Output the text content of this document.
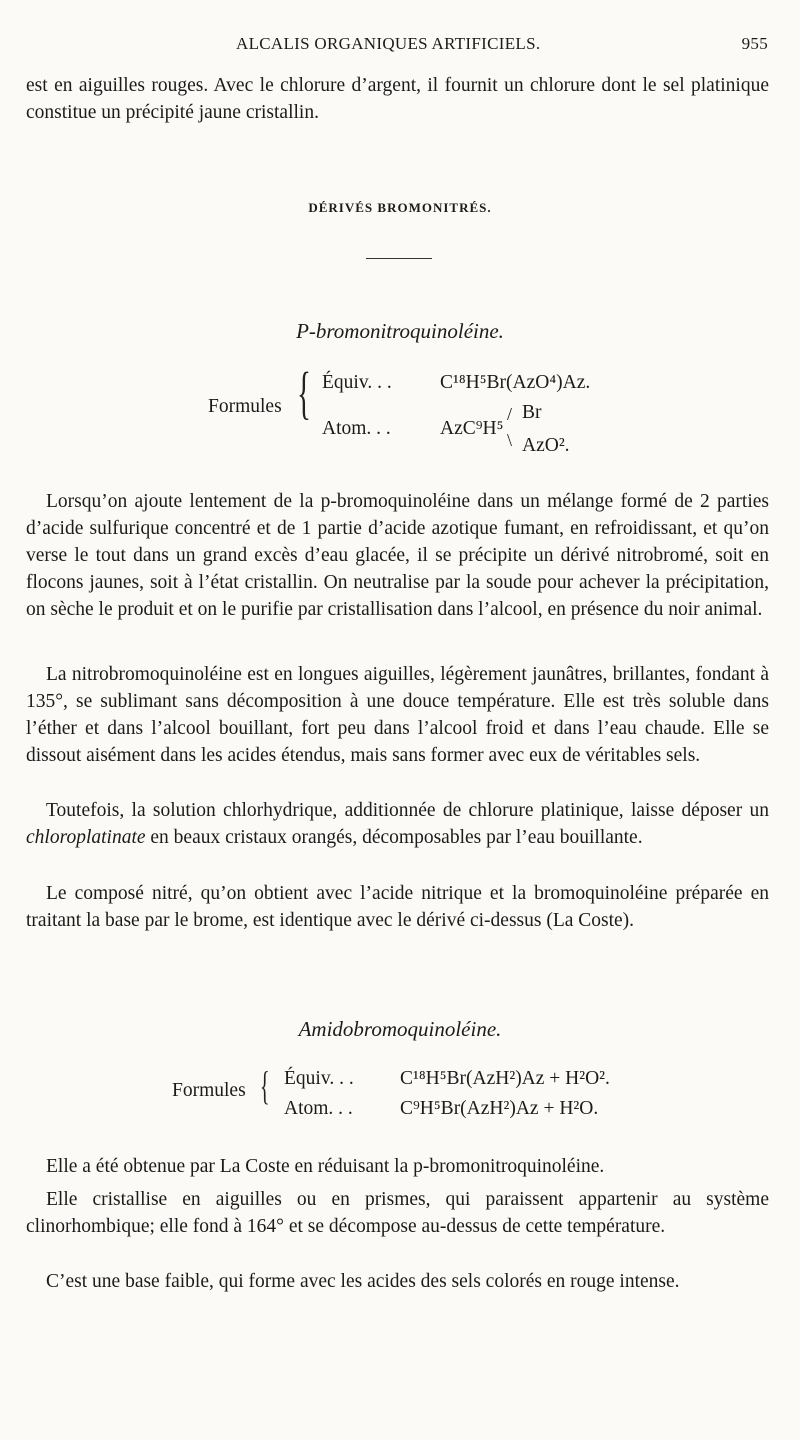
ALCALIS ORGANIQUES ARTIFICIELS.	955

est en aiguilles rouges. Avec le chlorure d’argent, il fournit un chlorure dont le sel platinique constitue un précipité jaune cristallin.

DÉRIVÉS BROMONITRÉS.
P-bromonitroquinoléine.
Formules { Équiv. . . C¹⁸H⁵Br(AzO⁴)Az.
Atom. . .	AzC⁹H⁵
/ Br
\ AzO².

Lorsqu’on ajoute lentement de la p-bromoquinoléine dans un mélange formé de 2 parties d’acide sulfurique concentré et de 1 partie d’acide azotique fumant, en refroidissant, et qu’on verse le tout dans un grand excès d’eau glacée, il se précipite un dérivé nitrobromé, soit en flocons jaunes, soit à l’état cristallin. On neutralise par la soude pour achever la précipitation, on sèche le produit et on le purifie par cristallisation dans l’alcool, en présence du noir animal.

La nitrobromoquinoléine est en longues aiguilles, légèrement jaunâtres, brillantes, fondant à 135°, se sublimant sans décomposition à une douce température. Elle est très soluble dans l’éther et dans l’alcool bouillant, fort peu dans l’alcool froid et dans l’eau chaude. Elle se dissout aisément dans les acides étendus, mais sans former avec eux de véritables sels.

Toutefois, la solution chlorhydrique, additionnée de chlorure platinique, laisse déposer un chloroplatinate en beaux cristaux orangés, décomposables par l’eau bouillante.

Le composé nitré, qu’on obtient avec l’acide nitrique et la bromoquinoléine préparée en traitant la base par le brome, est identique avec le dérivé ci-dessus (La Coste).

Amidobromoquinoléine.
Formules { Équiv. . . C¹⁸H⁵Br(AzH²)Az + H²O².
Atom. . . C⁹H⁵Br(AzH²)Az + H²O.

Elle a été obtenue par La Coste en réduisant la p-bromonitroquinoléine.

Elle cristallise en aiguilles ou en prismes, qui paraissent appartenir au système clinorhombique; elle fond à 164° et se décompose au-dessus de cette température.

C’est une base faible, qui forme avec les acides des sels colorés en rouge intense.
